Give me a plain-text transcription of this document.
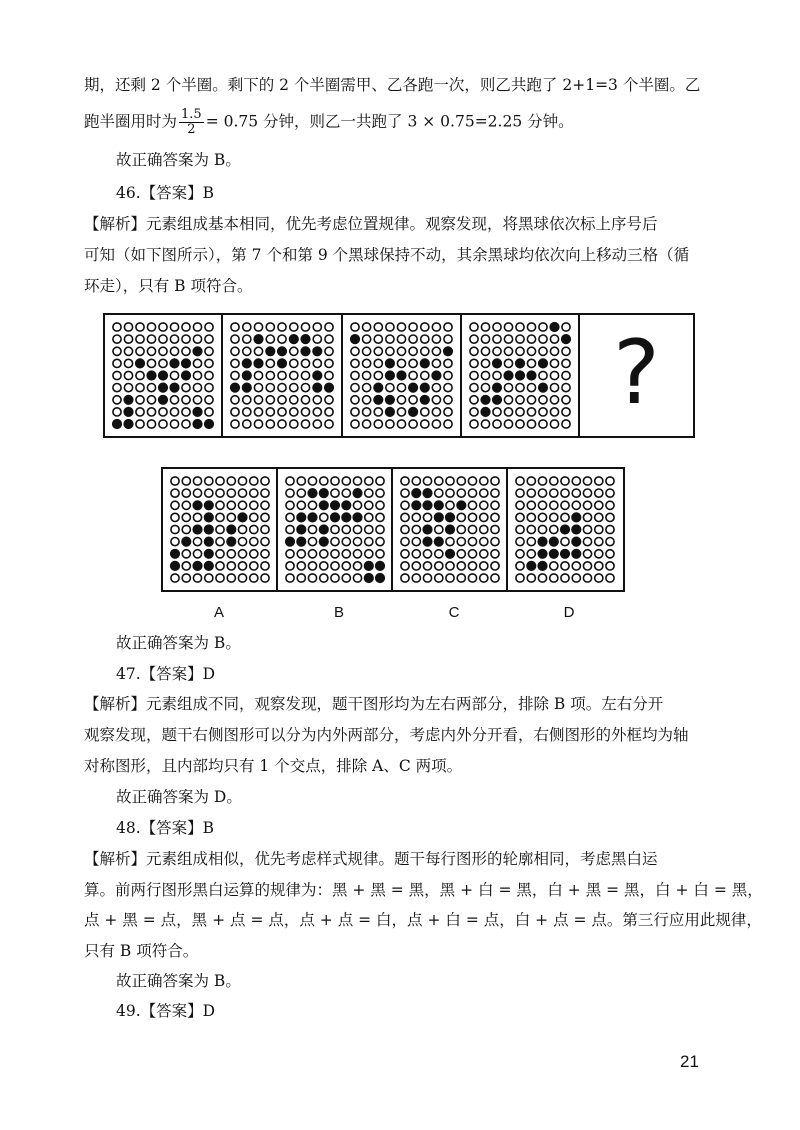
期，还剩 2 个半圈。剩下的 2 个半圈需甲、乙各跑一次，则乙共跑了 2+1=3 个半圈。乙
跑半圈用时为 $\frac{1.5}{2} = 0.75$ 分钟，则乙一共跑了 3 × 0.75=2.25 分钟。
故正确答案为 B。
46.【答案】B
【解析】元素组成基本相同，优先考虑位置规律。观察发现，将黑球依次标上序号后
可知（如下图所示），第 7 个和第 9 个黑球保持不动，其余黑球均依次向上移动三格（循
环走），只有 B 项符合。
?
A	B	C	D
故正确答案为 B。
47.【答案】D
【解析】元素组成不同，观察发现，题干图形均为左右两部分，排除 B 项。左右分开
观察发现，题干右侧图形可以分为内外两部分，考虑内外分开看，右侧图形的外框均为轴
对称图形，且内部均只有 1 个交点，排除 A、C 两项。
故正确答案为 D。
48.【答案】B
【解析】元素组成相似，优先考虑样式规律。题干每行图形的轮廓相同，考虑黑白运
算。前两行图形黑白运算的规律为：黑 + 黑 = 黑，黑 + 白 = 黑，白 + 黑 = 黑，白 + 白 = 黑，
点 + 黑 = 点，黑 + 点 = 点，点 + 点 = 白，点 + 白 = 点，白 + 点 = 点。第三行应用此规律，
只有 B 项符合。
故正确答案为 B。
49.【答案】D
21
